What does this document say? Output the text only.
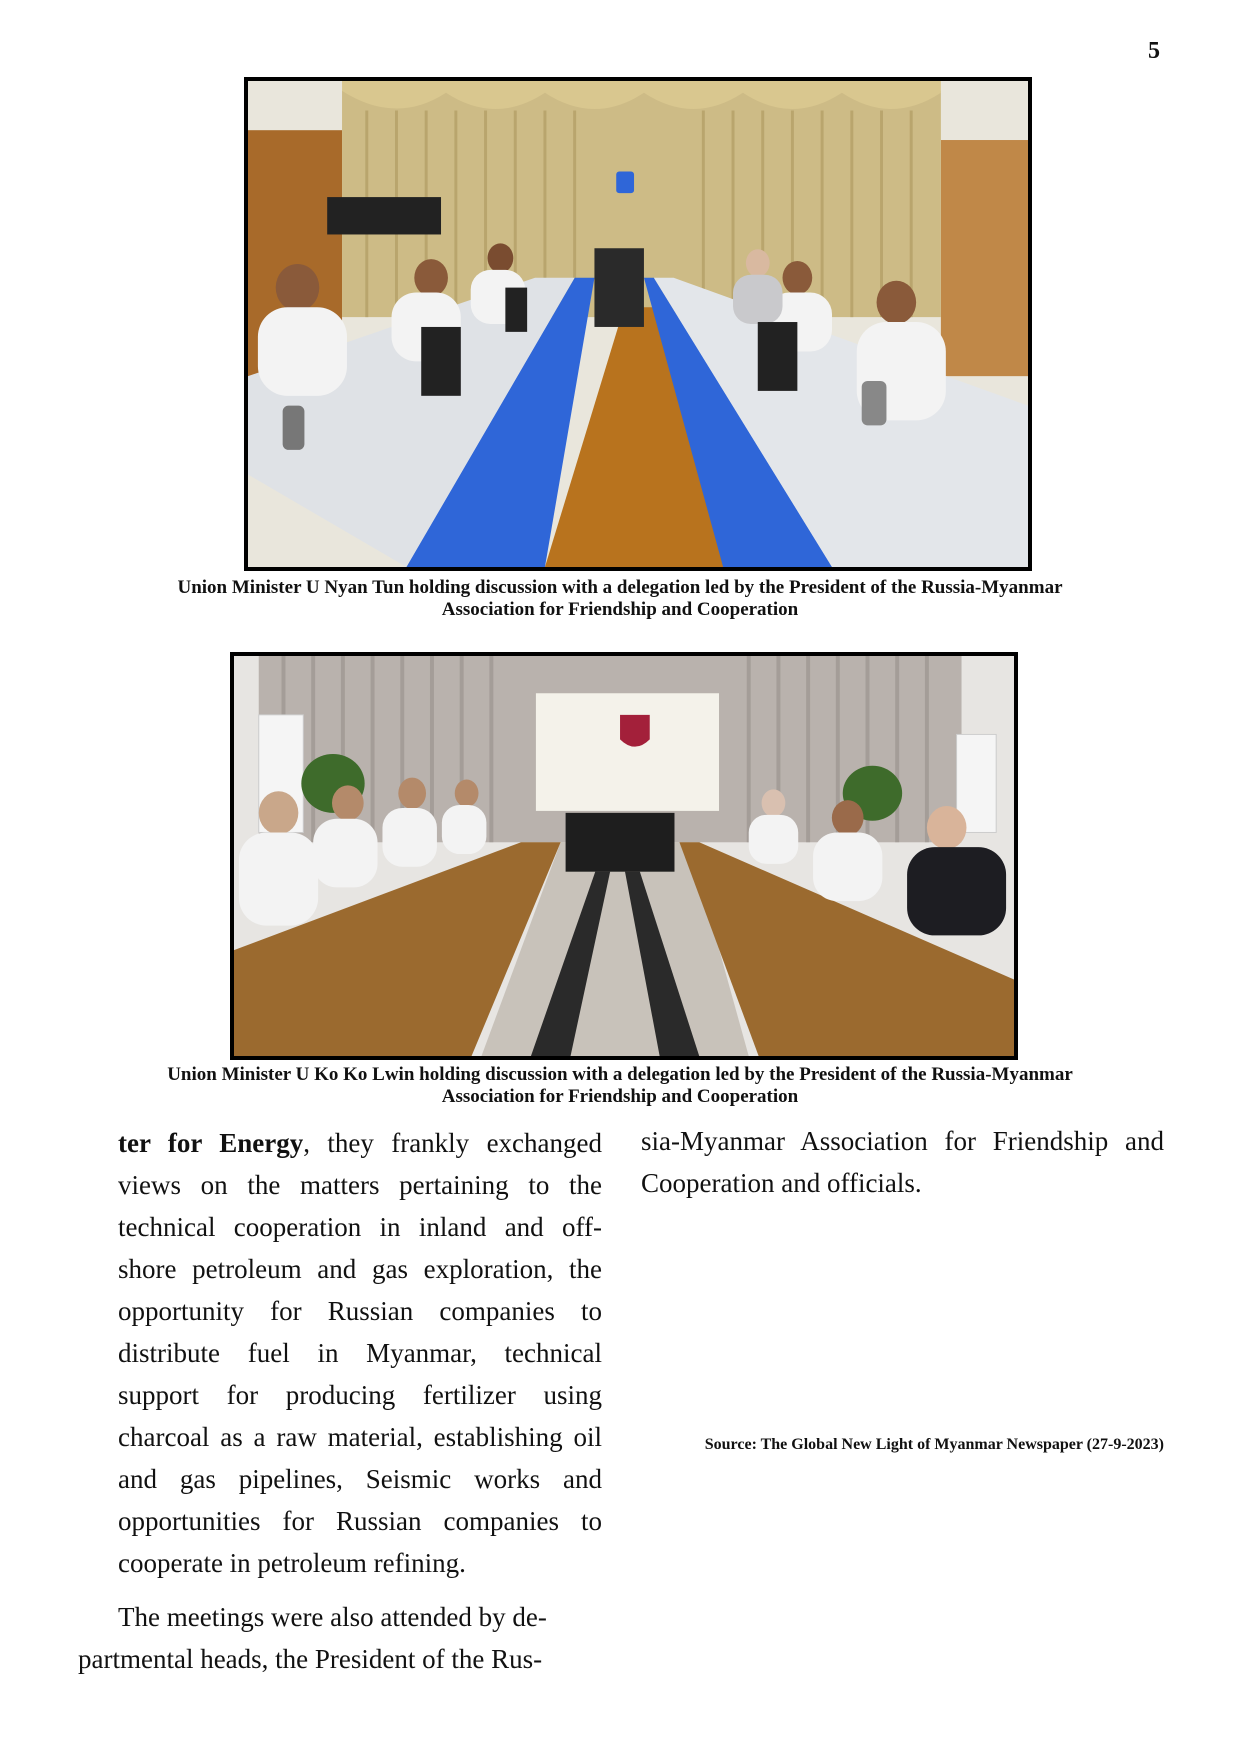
5
Union Minister U Nyan Tun holding discussion with a delegation led by the President of the Russia-Myanmar
Association for Friendship and Cooperation
Union Minister U Ko Ko Lwin holding discussion with a delegation led by the President of the Russia-Myanmar
Association for Friendship and Cooperation

ter for Energy, they frankly exchanged views on the matters pertaining to the technical cooperation in inland and off-shore petroleum and gas exploration, the opportunity for Russian companies to distribute fuel in Myanmar, technical support for producing fertilizer using charcoal as a raw material, establishing oil and gas pipelines, Seismic works and opportunities for Russian companies to cooperate in petroleum refining.

The meetings were also attended by de-
partmental heads, the President of the Rus-

sia-Myanmar Association for Friendship and Cooperation and officials.

Source: The Global New Light of Myanmar Newspaper (27-9-2023)
